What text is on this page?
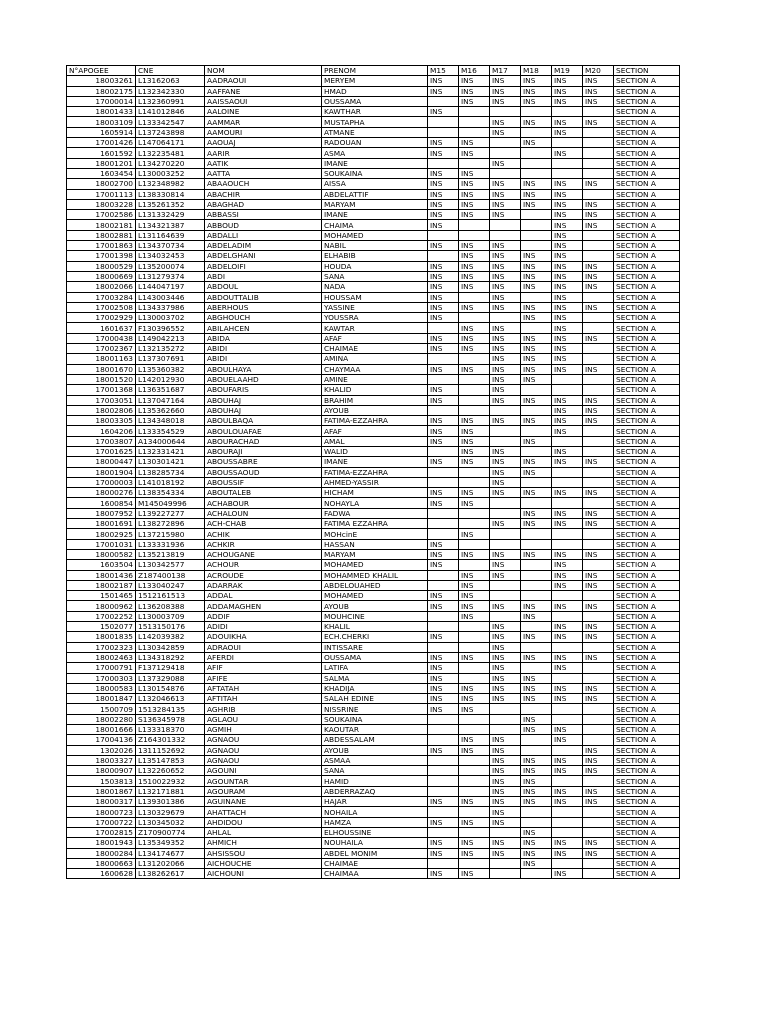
N°APOGEE	CNE	NOM	PRENOM	M15	M16	M17	M18	M19	M20	SECTION
18003261	L13162063	AADRAOUI	MERYEM	INS	INS	INS	INS	INS	INS	SECTION A
18002175	L132342330	AAFFANE	HMAD	INS	INS	INS	INS	INS	INS	SECTION A
17000014	L132360991	AAISSAOUI	OUSSAMA		INS	INS	INS	INS	INS	SECTION A
18001433	L141012846	AALOINE	KAWTHAR	INS						SECTION A
18003109	L133342547	AAMMAR	MUSTAPHA			INS	INS	INS	INS	SECTION A
1605914	L137243898	AAMOURI	ATMANE			INS		INS		SECTION A
17001426	L147064171	AAOUAJ	RADOUAN	INS	INS		INS			SECTION A
1601592	L132235481	AARIR	ASMA	INS	INS			INS		SECTION A
18001201	L134270220	AATIK	IMANE			INS				SECTION A
1603454	L130003252	AATTA	SOUKAINA	INS	INS					SECTION A
18002700	L132348982	ABAAOUCH	AISSA	INS	INS	INS	INS	INS	INS	SECTION A
17001113	L138330814	ABACHIR	ABDELATTIF	INS	INS	INS	INS	INS		SECTION A
18003228	L135261352	ABAGHAD	MARYAM	INS	INS	INS	INS	INS	INS	SECTION A
17002586	L131332429	ABBASSI	IMANE	INS	INS	INS		INS	INS	SECTION A
18002181	L134321387	ABBOUD	CHAIMA	INS				INS	INS	SECTION A
18002881	L131164639	ABDALLI	MOHAMED					INS		SECTION A
17001863	L134370734	ABDELADIM	NABIL	INS	INS	INS		INS		SECTION A
17001398	L134032453	ABDELGHANI	ELHABIB		INS	INS	INS	INS		SECTION A
18000529	L135200074	ABDELOIFI	HOUDA	INS	INS	INS	INS	INS	INS	SECTION A
18000669	L131279374	ABDI	SANA	INS	INS	INS	INS	INS	INS	SECTION A
18002066	L144047197	ABDOUL	NADA	INS	INS	INS	INS	INS	INS	SECTION A
17003284	L143003446	ABDOUTTALIB	HOUSSAM	INS		INS		INS		SECTION A
17002508	L134337986	ABERHOUS	YASSINE	INS	INS	INS	INS	INS	INS	SECTION A
17002929	L130003702	ABGHOUCH	YOUSSRA	INS			INS	INS		SECTION A
1601637	F130396552	ABILAHCEN	KAWTAR		INS	INS		INS		SECTION A
17000438	L149042213	ABIDA	AFAF	INS	INS	INS	INS	INS	INS	SECTION A
17002367	L132135272	ABIDI	CHAIMAE	INS	INS	INS	INS	INS		SECTION A
18001163	L137307691	ABIDI	AMINA			INS	INS	INS		SECTION A
18001670	L135360382	ABOULHAYA	CHAYMAA	INS	INS	INS	INS	INS	INS	SECTION A
18001520	L142012930	ABOUELAAHD	AMINE			INS	INS			SECTION A
17001368	L136351687	ABOUFARIS	KHALID	INS		INS				SECTION A
17003051	L137047164	ABOUHAJ	BRAHIM	INS		INS	INS	INS	INS	SECTION A
18002806	L135362660	ABOUHAJ	AYOUB					INS	INS	SECTION A
18003305	L134348018	ABOULBAQA	FATIMA-EZZAHRA	INS	INS	INS	INS	INS	INS	SECTION A
1604206	L133354529	ABOULOUAFAE	AFAF	INS	INS			INS		SECTION A
17003807	A134000644	ABOURACHAD	AMAL	INS	INS		INS			SECTION A
17001625	L132331421	ABOURAJI	WALID		INS	INS		INS		SECTION A
18000447	L130301421	ABOUSSABRE	IMANE	INS	INS	INS	INS	INS	INS	SECTION A
18001904	L138285734	ABOUSSAOUD	FATIMA-EZZAHRA			INS	INS			SECTION A
17000003	L141018192	ABOUSSIF	AHMED-YASSIR			INS				SECTION A
18000276	L138354334	ABOUTALEB	HICHAM	INS	INS	INS	INS	INS	INS	SECTION A
1600854	M145049996	ACHABOUR	NOHAYLA	INS	INS					SECTION A
18007952	L139227277	ACHALOUN	FADWA				INS	INS	INS	SECTION A
18001691	L138272896	ACH-CHAB	FATIMA EZZAHRA			INS	INS	INS	INS	SECTION A
18002925	L137215980	ACHIK	MOHcinE		INS					SECTION A
17001031	L133331936	ACHKIR	HASSAN	INS						SECTION A
18000582	L135213819	ACHOUGANE	MARYAM	INS	INS	INS	INS	INS	INS	SECTION A
1603504	L130342577	ACHOUR	MOHAMED	INS		INS		INS		SECTION A
18001436	Z187400138	ACROUDE	MOHAMMED KHALIL		INS	INS		INS	INS	SECTION A
18002187	L133040247	ADARRAK	ABDELOUAHED		INS			INS	INS	SECTION A
1501465	1512161513	ADDAL	MOHAMED	INS	INS					SECTION A
18000962	L136208388	ADDAMAGHEN	AYOUB	INS	INS	INS	INS	INS	INS	SECTION A
17002252	L130003709	ADDIF	MOUHCINE		INS		INS			SECTION A
1502077	1513150176	ADIDI	KHALIL			INS		INS	INS	SECTION A
18001835	L142039382	ADOUIKHA	ECH.CHERKI	INS		INS	INS	INS	INS	SECTION A
17002323	L130342859	ADRAOUI	INTISSARE			INS				SECTION A
18002463	L134318292	AFERDI	OUSSAMA	INS	INS	INS	INS	INS	INS	SECTION A
17000791	F137129418	AFIF	LATIFA	INS		INS		INS		SECTION A
17000303	L137329088	AFIFE	SALMA	INS		INS	INS			SECTION A
18000583	L130154876	AFTATAH	KHADIJA	INS	INS	INS	INS	INS	INS	SECTION A
18001847	L132046613	AFTITAH	SALAH EDINE	INS	INS	INS	INS	INS	INS	SECTION A
1500709	1513284135	AGHRIB	NISSRINE	INS	INS					SECTION A
18002280	S136345978	AGLAOU	SOUKAINA				INS			SECTION A
18001666	L133318370	AGMIH	KAOUTAR				INS	INS		SECTION A
17004136	Z164301332	AGNAOU	ABDESSALAM		INS	INS		INS		SECTION A
1302026	1311152692	AGNAOU	AYOUB	INS	INS	INS			INS	SECTION A
18003327	L135147853	AGNAOU	ASMAA			INS	INS	INS	INS	SECTION A
18000907	L132260652	AGOUNI	SANA			INS	INS	INS	INS	SECTION A
1503813	1510022932	AGOUNTAR	HAMID			INS	INS			SECTION A
18001867	L132171881	AGOURAM	ABDERRAZAQ			INS	INS	INS	INS	SECTION A
18000317	L139301386	AGUINANE	HAJAR	INS	INS	INS	INS	INS	INS	SECTION A
18000723	L130329679	AHATTACH	NOHAILA			INS				SECTION A
17000722	L130345032	AHDIDOU	HAMZA	INS	INS	INS				SECTION A
17002815	Z170900774	AHLAL	ELHOUSSINE				INS			SECTION A
18001943	L135349352	AHMICH	NOUHAILA	INS	INS	INS	INS	INS	INS	SECTION A
18000284	L134174677	AHSISSOU	ABDEL MONIM	INS	INS	INS	INS	INS	INS	SECTION A
18000663	L131202066	AICHOUCHE	CHAIMAE				INS			SECTION A
1600628	L138262617	AICHOUNI	CHAIMAA	INS	INS			INS		SECTION A
